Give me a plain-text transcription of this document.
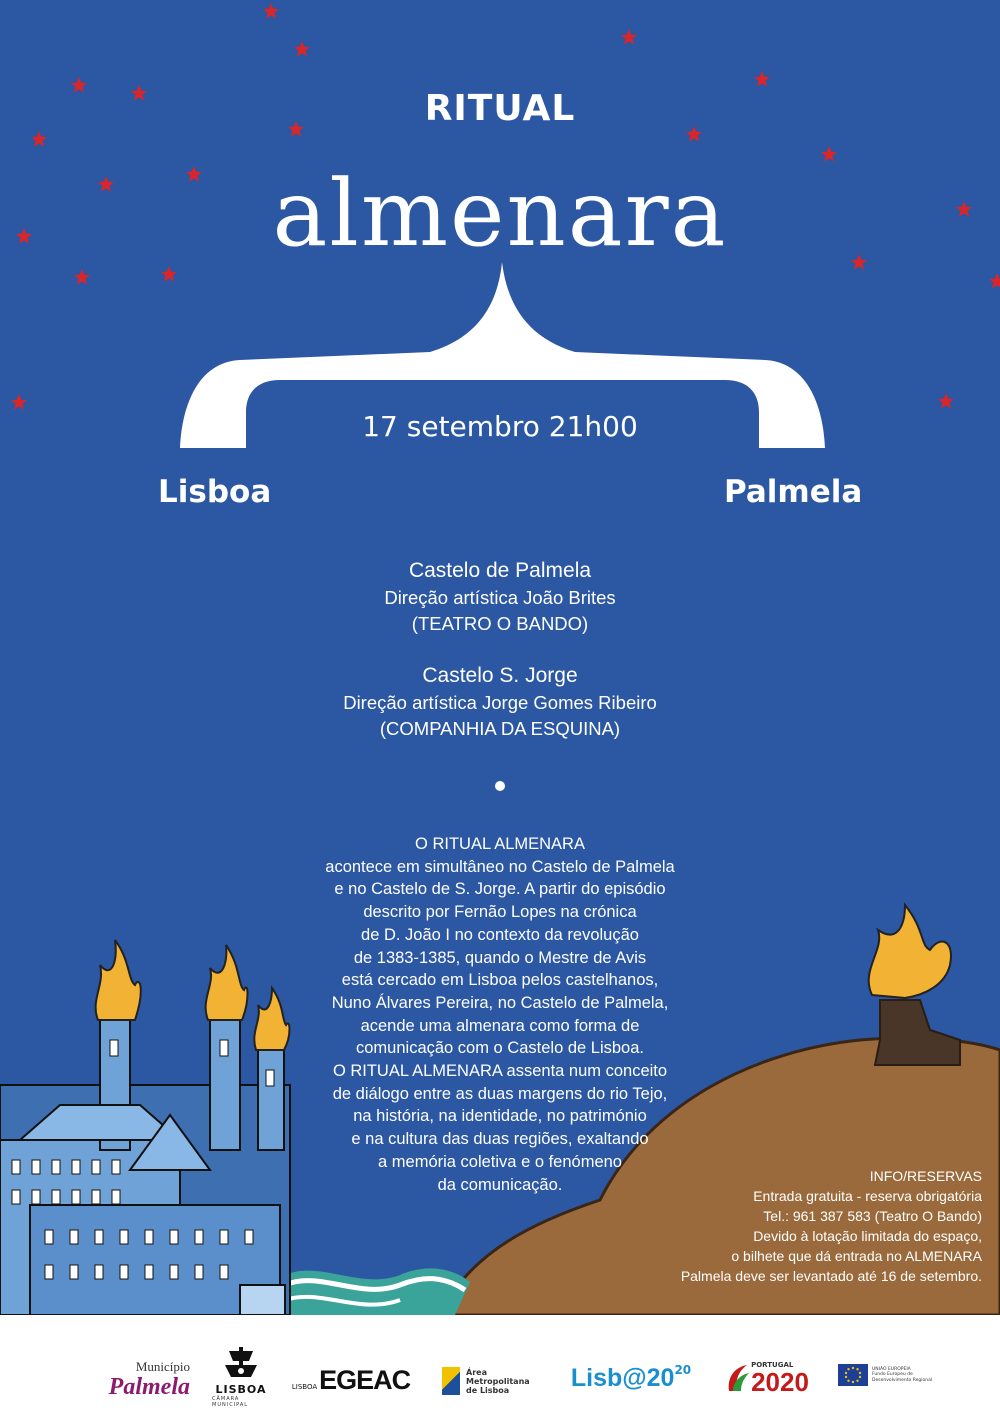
RITUAL
almenara
17 setembro 21h00
Lisboa	Palmela
Castelo de Palmela
Direção artística João Brites
(TEATRO O BANDO)
Castelo S. Jorge
Direção artística Jorge Gomes Ribeiro
(COMPANHIA DA ESQUINA)
O RITUAL ALMENARA
acontece em simultâneo no Castelo de Palmela
e no Castelo de S. Jorge. A partir do episódio
descrito por Fernão Lopes na crónica
de D. João I no contexto da revolução
de 1383-1385, quando o Mestre de Avis
está cercado em Lisboa pelos castelhanos,
Nuno Álvares Pereira, no Castelo de Palmela,
acende uma almenara como forma de
comunicação com o Castelo de Lisboa.
O RITUAL ALMENARA assenta num conceito
de diálogo entre as duas margens do rio Tejo,
na história, na identidade, no património
e na cultura das duas regiões, exaltando
a memória coletiva e o fenómeno
da comunicação.	INFO/RESERVAS
Entrada gratuita - reserva obrigatória
Tel.: 961 387 583 (Teatro O Bando)
Devido à lotação limitada do espaço,
o bilhete que dá entrada no ALMENARA
Palmela deve ser levantado até 16 de setembro.
Município
Palmela LISBOA
CÂMARA MUNICIPAL
LISBOA EGEAC	Área
Metropolitana
de Lisboa	Lisb@20 20	PORTUGAL
2020	UNIÃO EUROPEIA
Fundo Europeu de
Desenvolvimento Regional
